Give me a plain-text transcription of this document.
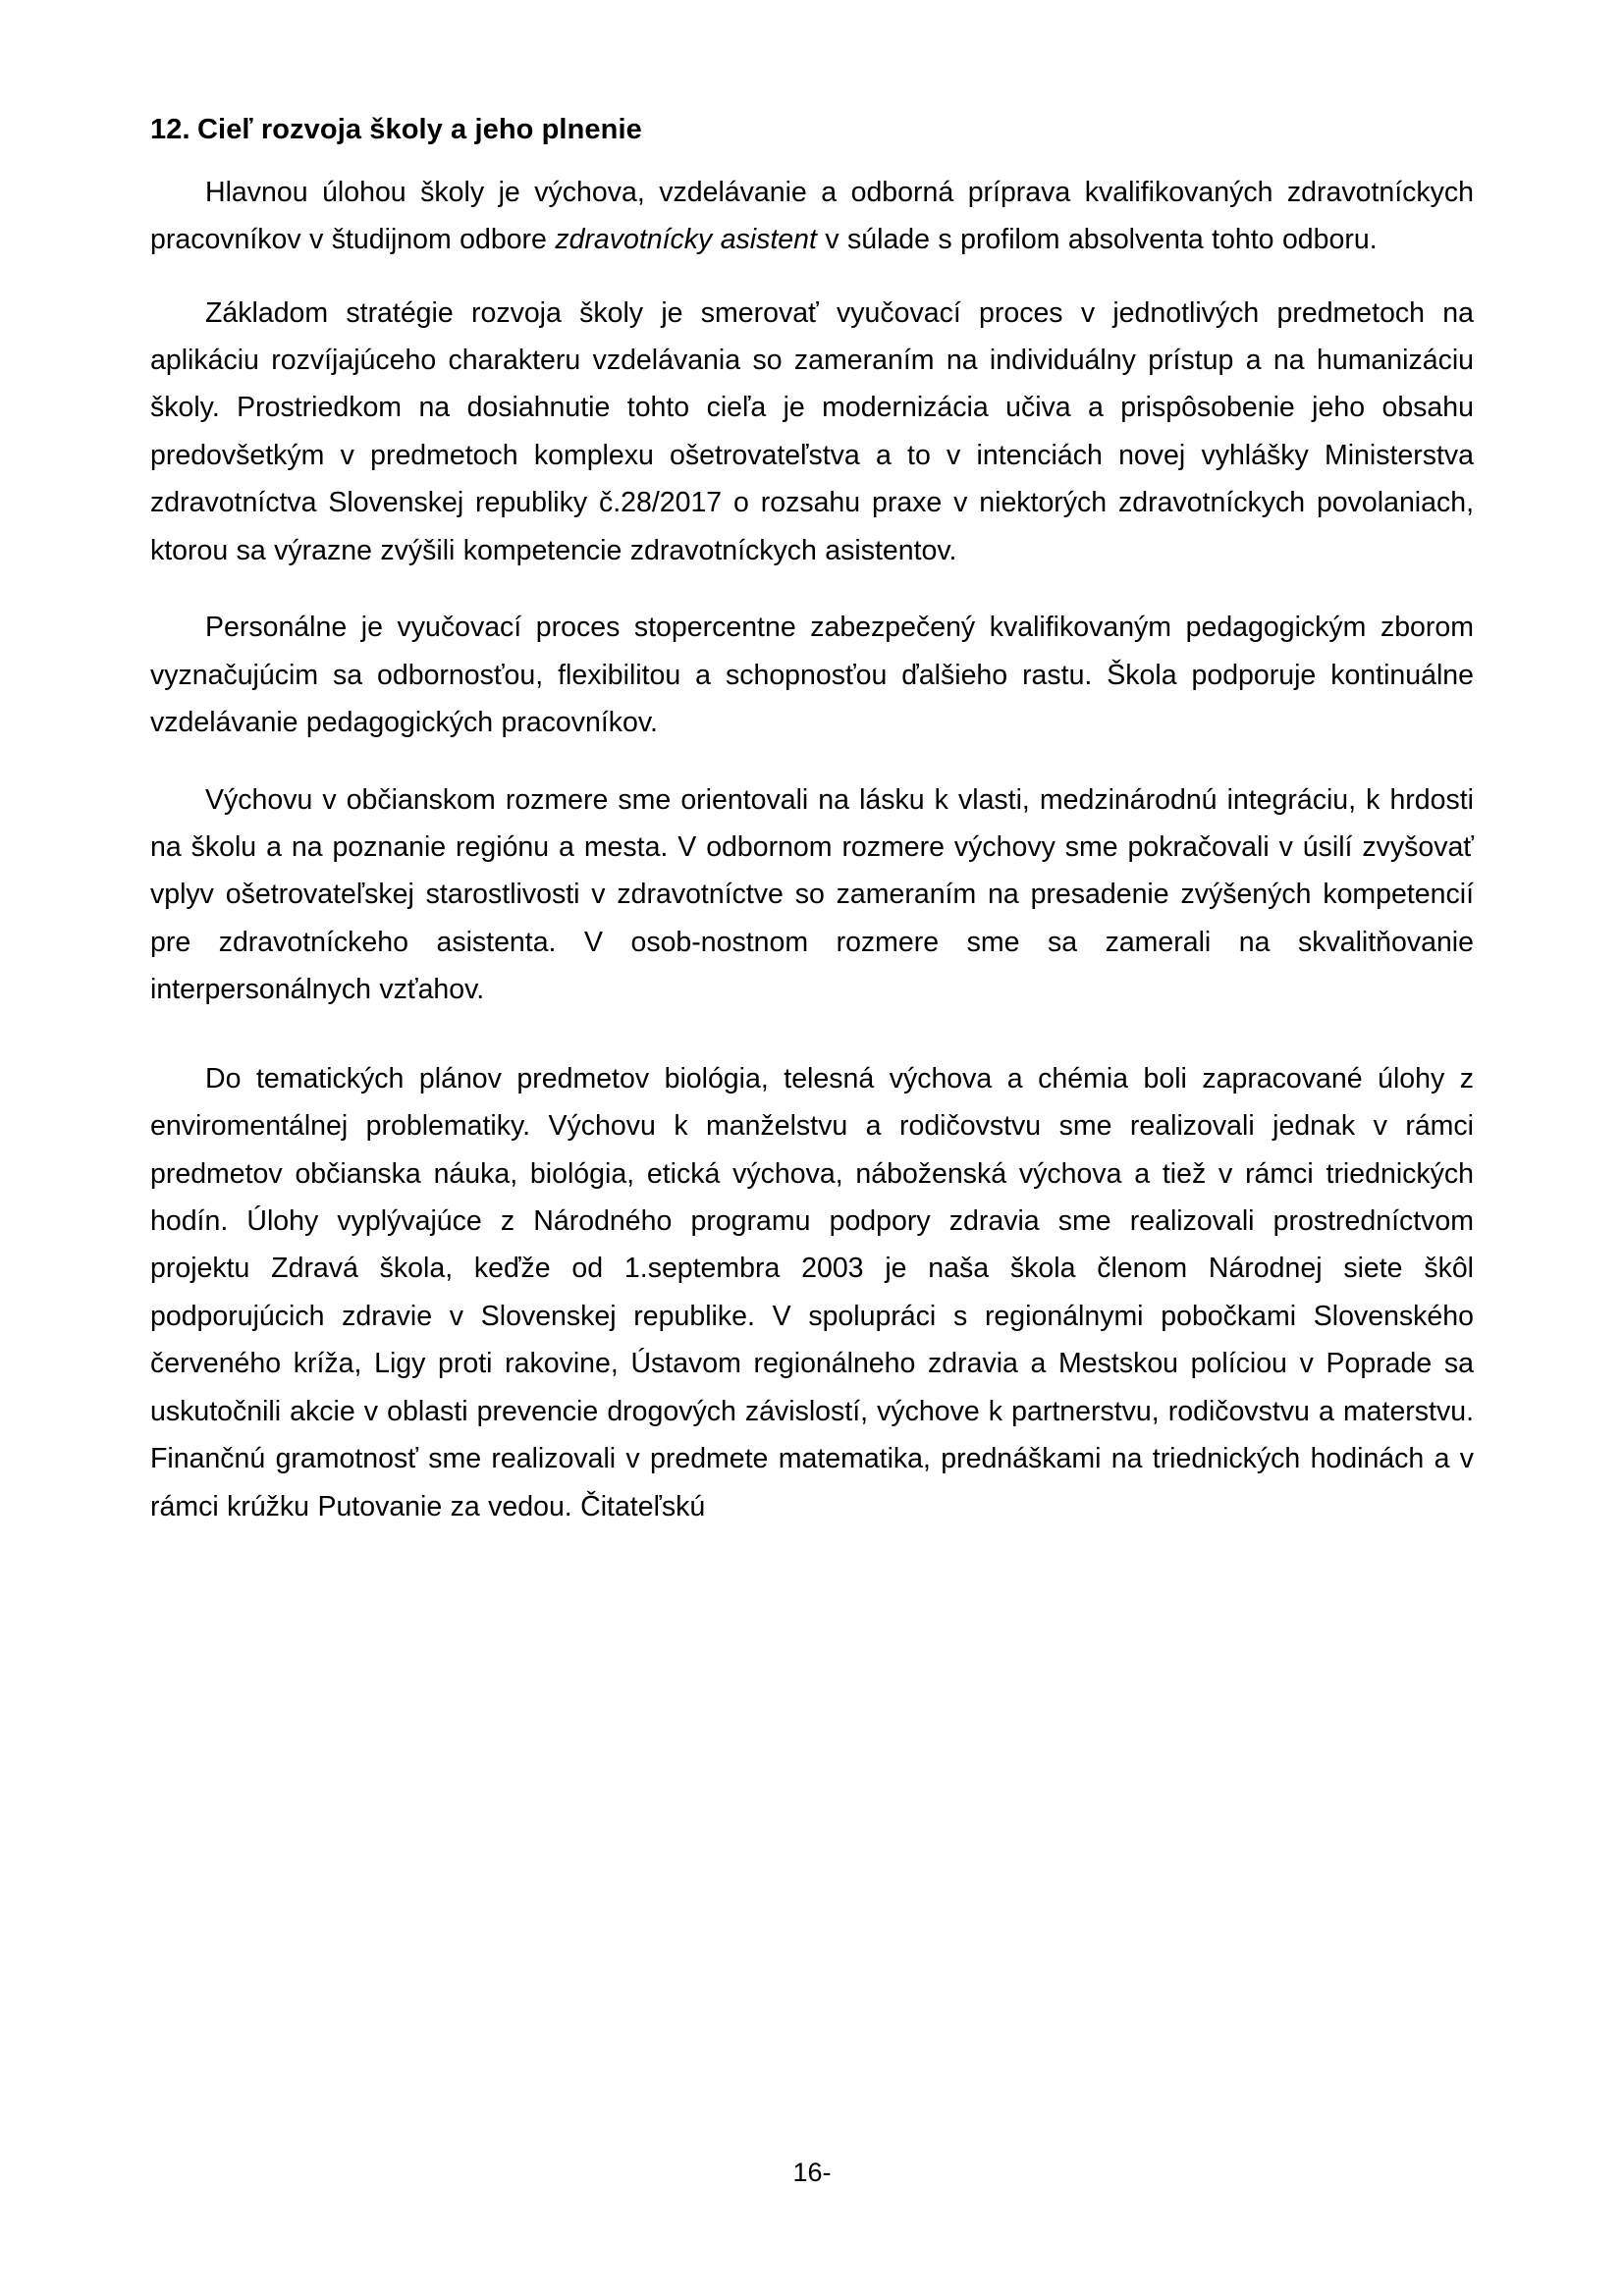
12. Cieľ rozvoja školy a jeho plnenie

Hlavnou úlohou školy je výchova, vzdelávanie a odborná príprava kvalifikovaných zdravotníckych pracovníkov v študijnom odbore zdravotnícky asistent v súlade s profilom absolventa tohto odboru.

Základom stratégie rozvoja školy je smerovať vyučovací proces v jednotlivých predmetoch na aplikáciu rozvíjajúceho charakteru vzdelávania so zameraním na individuálny prístup a na humanizáciu školy. Prostriedkom na dosiahnutie tohto cieľa je modernizácia učiva a prispôsobenie jeho obsahu predovšetkým v predmetoch komplexu ošetrovateľstva a to v intenciách novej vyhlášky Ministerstva zdravotníctva Slovenskej republiky č.28/2017 o rozsahu praxe v niektorých zdravotníckych povolaniach, ktorou sa výrazne zvýšili kompetencie zdravotníckych asistentov.

Personálne je vyučovací proces stopercentne zabezpečený kvalifikovaným pedagogickým zborom vyznačujúcim sa odbornosťou, flexibilitou a schopnosťou ďalšieho rastu. Škola podporuje kontinuálne vzdelávanie pedagogických pracovníkov.

Výchovu v občianskom rozmere sme orientovali na lásku k vlasti, medzinárodnú integráciu, k hrdosti na školu a na poznanie regiónu a mesta. V odbornom rozmere výchovy sme pokračovali v úsilí zvyšovať vplyv ošetrovateľskej starostlivosti v zdravotníctve so zameraním na presadenie zvýšených kompetencií pre zdravotníckeho asistenta. V osob-nostnom rozmere sme sa zamerali na skvalitňovanie interpersonálnych vzťahov.

Do tematických plánov predmetov biológia, telesná výchova a chémia boli zapracované úlohy z enviromentálnej problematiky. Výchovu k manželstvu a rodičovstvu sme realizovali jednak v rámci predmetov občianska náuka, biológia, etická výchova, náboženská výchova a tiež v rámci triednických hodín. Úlohy vyplývajúce z Národného programu podpory zdravia sme realizovali prostredníctvom projektu Zdravá škola, keďže od 1.septembra 2003 je naša škola členom Národnej siete škôl podporujúcich zdravie v Slovenskej republike. V spolupráci s regionálnymi pobočkami Slovenského červeného kríža, Ligy proti rakovine, Ústavom regionálneho zdravia a Mestskou políciou v Poprade sa uskutočnili akcie v oblasti prevencie drogových závislostí, výchove k partnerstvu, rodičovstvu a materstvu. Finančnú gramotnosť sme realizovali v predmete matematika, prednáškami na triednických hodinách a v rámci krúžku Putovanie za vedou. Čitateľskú

16-
